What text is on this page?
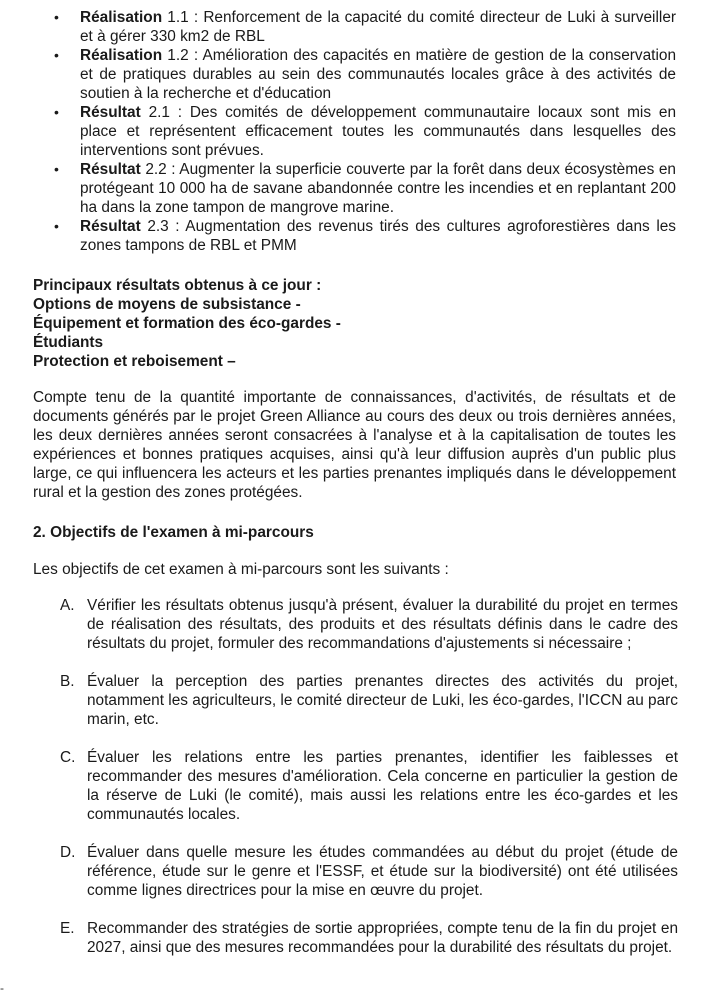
• Réalisation 1.1 : Renforcement de la capacité du comité directeur de Luki à surveiller et à gérer 330 km2 de RBL
• Réalisation 1.2 : Amélioration des capacités en matière de gestion de la conservation et de pratiques durables au sein des communautés locales grâce à des activités de soutien à la recherche et d'éducation
• Résultat 2.1 : Des comités de développement communautaire locaux sont mis en place et représentent efficacement toutes les communautés dans lesquelles des interventions sont prévues.
• Résultat 2.2 : Augmenter la superficie couverte par la forêt dans deux écosystèmes en protégeant 10 000 ha de savane abandonnée contre les incendies et en replantant 200 ha dans la zone tampon de mangrove marine.
• Résultat 2.3 : Augmentation des revenus tirés des cultures agroforestières dans les zones tampons de RBL et PMM
Principaux résultats obtenus à ce jour :
Options de moyens de subsistance -
Équipement et formation des éco-gardes -
Étudiants
Protection et reboisement –
Compte tenu de la quantité importante de connaissances, d'activités, de résultats et de documents générés par le projet Green Alliance au cours des deux ou trois dernières années, les deux dernières années seront consacrées à l'analyse et à la capitalisation de toutes les expériences et bonnes pratiques acquises, ainsi qu'à leur diffusion auprès d'un public plus large, ce qui influencera les acteurs et les parties prenantes impliqués dans le développement rural et la gestion des zones protégées.
2. Objectifs de l'examen à mi-parcours
Les objectifs de cet examen à mi-parcours sont les suivants :
A. Vérifier les résultats obtenus jusqu'à présent, évaluer la durabilité du projet en termes de réalisation des résultats, des produits et des résultats définis dans le cadre des résultats du projet, formuler des recommandations d'ajustements si nécessaire ;
B. Évaluer la perception des parties prenantes directes des activités du projet, notamment les agriculteurs, le comité directeur de Luki, les éco-gardes, l'ICCN au parc marin, etc.
C. Évaluer les relations entre les parties prenantes, identifier les faiblesses et recommander des mesures d'amélioration. Cela concerne en particulier la gestion de la réserve de Luki (le comité), mais aussi les relations entre les éco-gardes et les communautés locales.
D. Évaluer dans quelle mesure les études commandées au début du projet (étude de référence, étude sur le genre et l'ESSF, et étude sur la biodiversité) ont été utilisées comme lignes directrices pour la mise en œuvre du projet.
E. Recommander des stratégies de sortie appropriées, compte tenu de la fin du projet en 2027, ainsi que des mesures recommandées pour la durabilité des résultats du projet.
-
